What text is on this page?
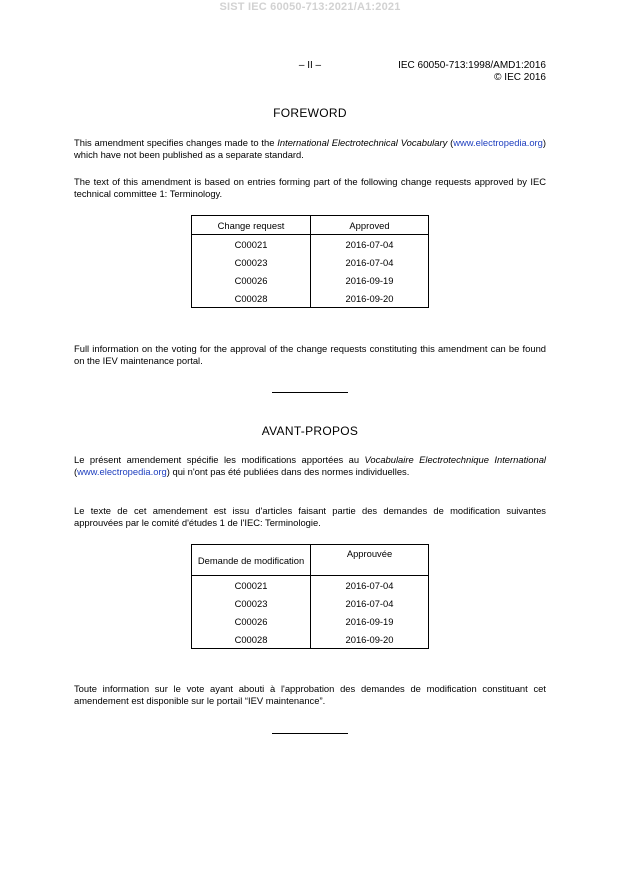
SIST IEC 60050-713:2021/A1:2021
– II –	IEC 60050-713:1998/AMD1:2016
© IEC 2016
FOREWORD
This amendment specifies changes made to the International Electrotechnical Vocabulary (www.electropedia.org) which have not been published as a separate standard.
The text of this amendment is based on entries forming part of the following change requests approved by IEC technical committee 1: Terminology.
Change request	Approved
C00021	2016-07-04
C00023	2016-07-04
C00026	2016-09-19
C00028	2016-09-20
Full information on the voting for the approval of the change requests constituting this amendment can be found on the IEV maintenance portal.
AVANT-PROPOS
Le présent amendement spécifie les modifications apportées au Vocabulaire Electrotechnique International (www.electropedia.org) qui n'ont pas été publiées dans des normes individuelles.
Le texte de cet amendement est issu d'articles faisant partie des demandes de modification suivantes approuvées par le comité d'études 1 de l'IEC: Terminologie.
Demande de modification	Approuvée
C00021	2016-07-04
C00023	2016-07-04
C00026	2016-09-19
C00028	2016-09-20
Toute information sur le vote ayant abouti à l'approbation des demandes de modification constituant cet amendement est disponible sur le portail “IEV maintenance”.
